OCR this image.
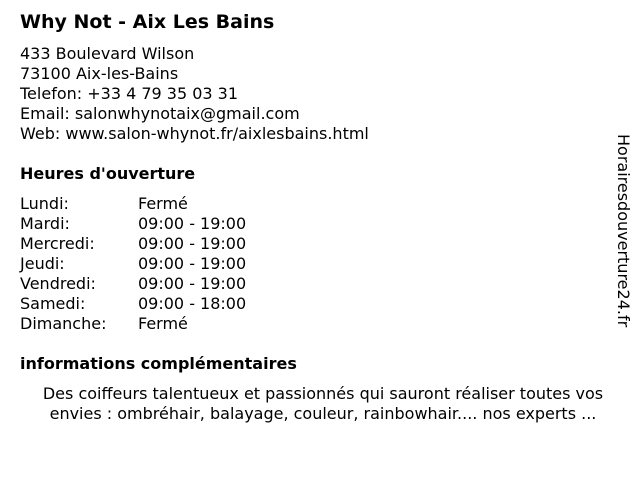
Why Not - Aix Les Bains
433 Boulevard Wilson
73100 Aix-les-Bains
Telefon: +33 4 79 35 03 31
Email: salonwhynotaix@gmail.com
Web: www.salon-whynot.fr/aixlesbains.html
Heures d'ouverture
Lundi:	Fermé
Mardi:	09:00 - 19:00
Mercredi:	09:00 - 19:00
Jeudi:	09:00 - 19:00
Vendredi:	09:00 - 19:00
Samedi:	09:00 - 18:00
Dimanche:	Fermé
informations complémentaires
Des coiffeurs talentueux et passionnés qui sauront réaliser toutes vos
envies : ombréhair, balayage, couleur, rainbowhair.... nos experts ...
Horairesdouverture24.fr
